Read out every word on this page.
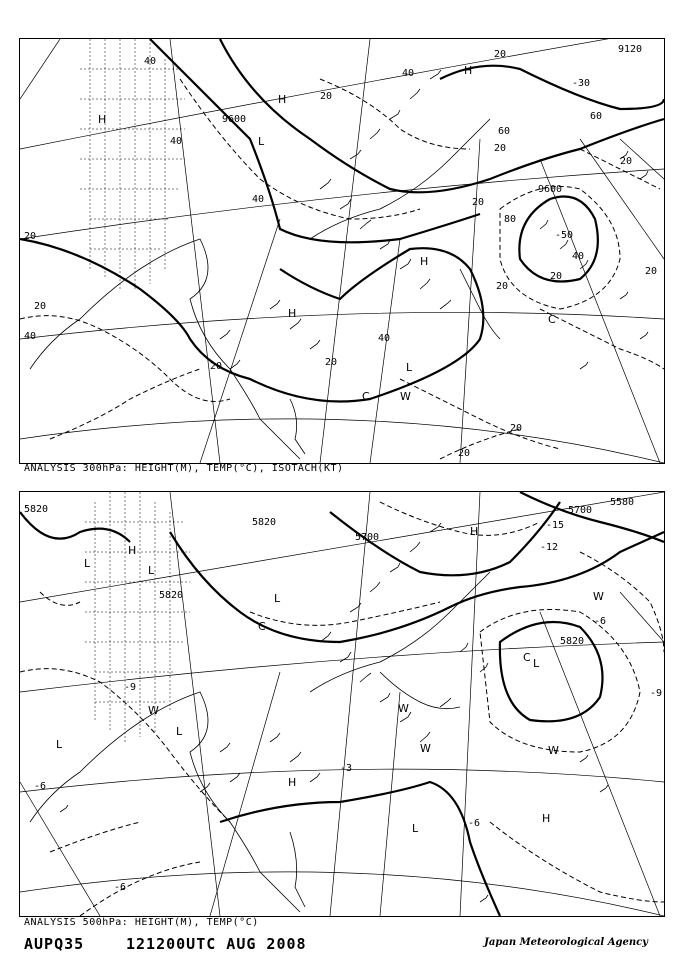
9600
9120
9600
40
40
20
40
20
40
60
20
80
20
40
60
20
20
20
20	20
40
20
20
40
20
20
20
-30
-50
H
H
L
H
H
L
C	W
H
C
ANALYSIS 300hPa: HEIGHT(M), TEMP(°C), ISOTACH(KT)
5820
5820
5700
5580
5700
5820
5820
-15
-12
-6
-9
-9
-6
-3
-6
-6
H
L
W
L
L
W
H
W
C L
W
W
L
H
H
L
C
L
ANALYSIS 500hPa: HEIGHT(M), TEMP(°C)
AUPQ35	121200UTC AUG 2008	Japan Meteorological Agency
